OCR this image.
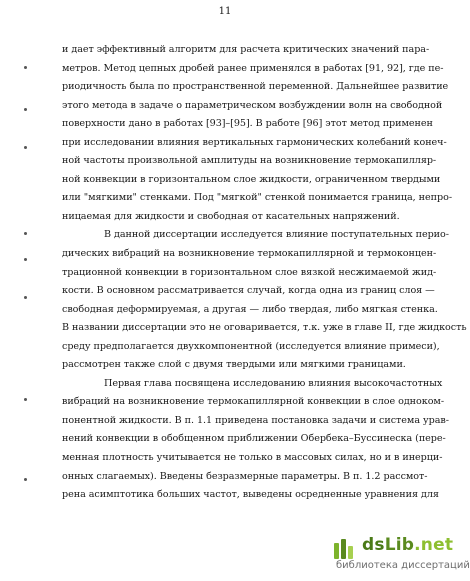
11
и дает эффективный алгоритм для расчета критических значений пара-
метров. Метод цепных дробей ранее применялся в работах [91, 92], где пе-
риодичность была по пространственной переменной. Дальнейшее развитие
этого метода в задаче о параметрическом возбуждении волн на свободной
поверхности дано в работах [93]–[95]. В работе [96] этот метод применен
при исследовании влияния вертикальных гармонических колебаний конеч-
ной частоты произвольной амплитуды на возникновение термокапилляр-
ной конвекции в горизонтальном слое жидкости, ограниченном твердыми
или "мягкими" стенками. Под "мягкой" стенкой понимается граница, непро-
ницаемая для жидкости и свободная от касательных напряжений.
В данной диссертации исследуется влияние поступательных перио-
дических вибраций на возникновение термокапиллярной и термоконцен-
трационной конвекции в горизонтальном слое вязкой несжимаемой жид-
кости. В основном рассматривается случай, когда одна из границ слоя —
свободная деформируемая, а другая — либо твердая, либо мягкая стенка.
В названии диссертации это не оговаривается, т.к. уже в главе II, где жидкость
среду предполагается двухкомпонентной (исследуется влияние примеси),
рассмотрен также слой с двумя твердыми или мягкими границами.
Первая глава посвящена исследованию влияния высокочастотных
вибраций на возникновение термокапиллярной конвекции в слое одноком-
понентной жидкости. В п. 1.1 приведена постановка задачи и система урав-
нений конвекции в обобщенном приближении Обербека–Буссинеска (пере-
менная плотность учитывается не только в массовых силах, но и в инерци-
онных слагаемых). Введены безразмерные параметры. В п. 1.2 рассмот-
рена асимптотика больших частот, выведены осредненные уравнения для
dsLib.net
библиотека диссертаций
